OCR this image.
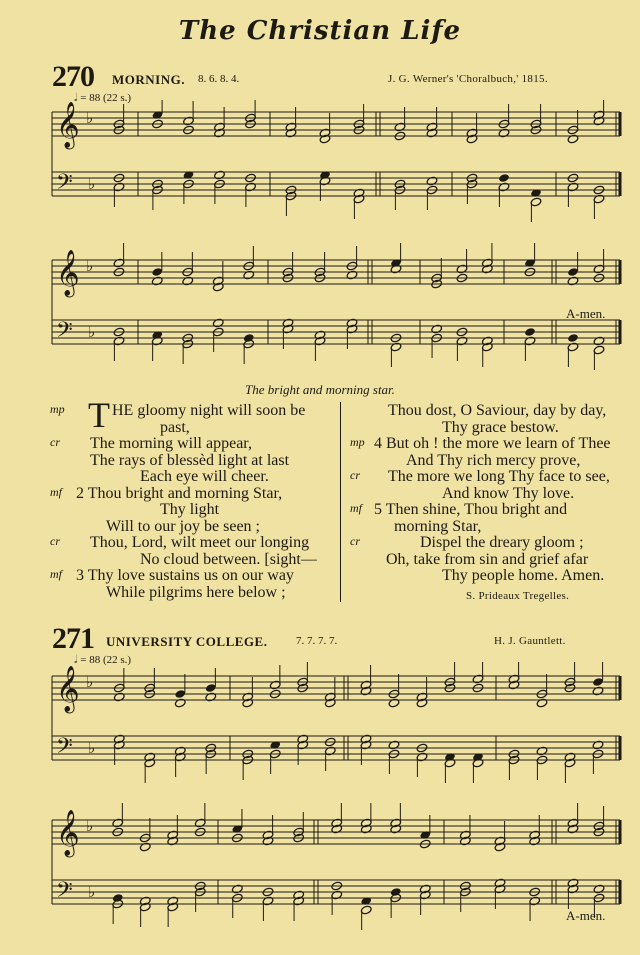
The Christian Life
270 MORNING. 8. 6. 8. 4.	J. G. Werner's 'Choralbuch,' 1815.
𝅗𝅥 = 88 (22 s.)
𝄞 ♭
𝄢 ♭
𝄞 ♭
𝄢 ♭
A-men.
The bright and morning star.
mp T HE gloomy night will soon be
past,
cr The morning will appear,
The rays of blessèd light at last
Each eye will cheer.
mf 2 Thou bright and morning Star,
Thy light
Will to our joy be seen ;
cr Thou, Lord, wilt meet our longing
No cloud between. [sight—
mf 3 Thy love sustains us on our way
While pilgrims here below ;
Thou dost, O Saviour, day by day,
Thy grace bestow.
mp 4 But oh ! the more we learn of Thee
And Thy rich mercy prove,
cr The more we long Thy face to see,
And know Thy love.
mf 5 Then shine, Thou bright and
morning Star,
cr	Dispel the dreary gloom ;
Oh, take from sin and grief afar
Thy people home. Amen.
S. Prideaux Tregelles.
271 UNIVERSITY COLLEGE.	7. 7. 7. 7.	H. J. Gauntlett.
𝅗𝅥 = 88 (22 s.)
𝄞 ♭
𝄢 ♭
𝄞 ♭
𝄢 ♭
A-men.
